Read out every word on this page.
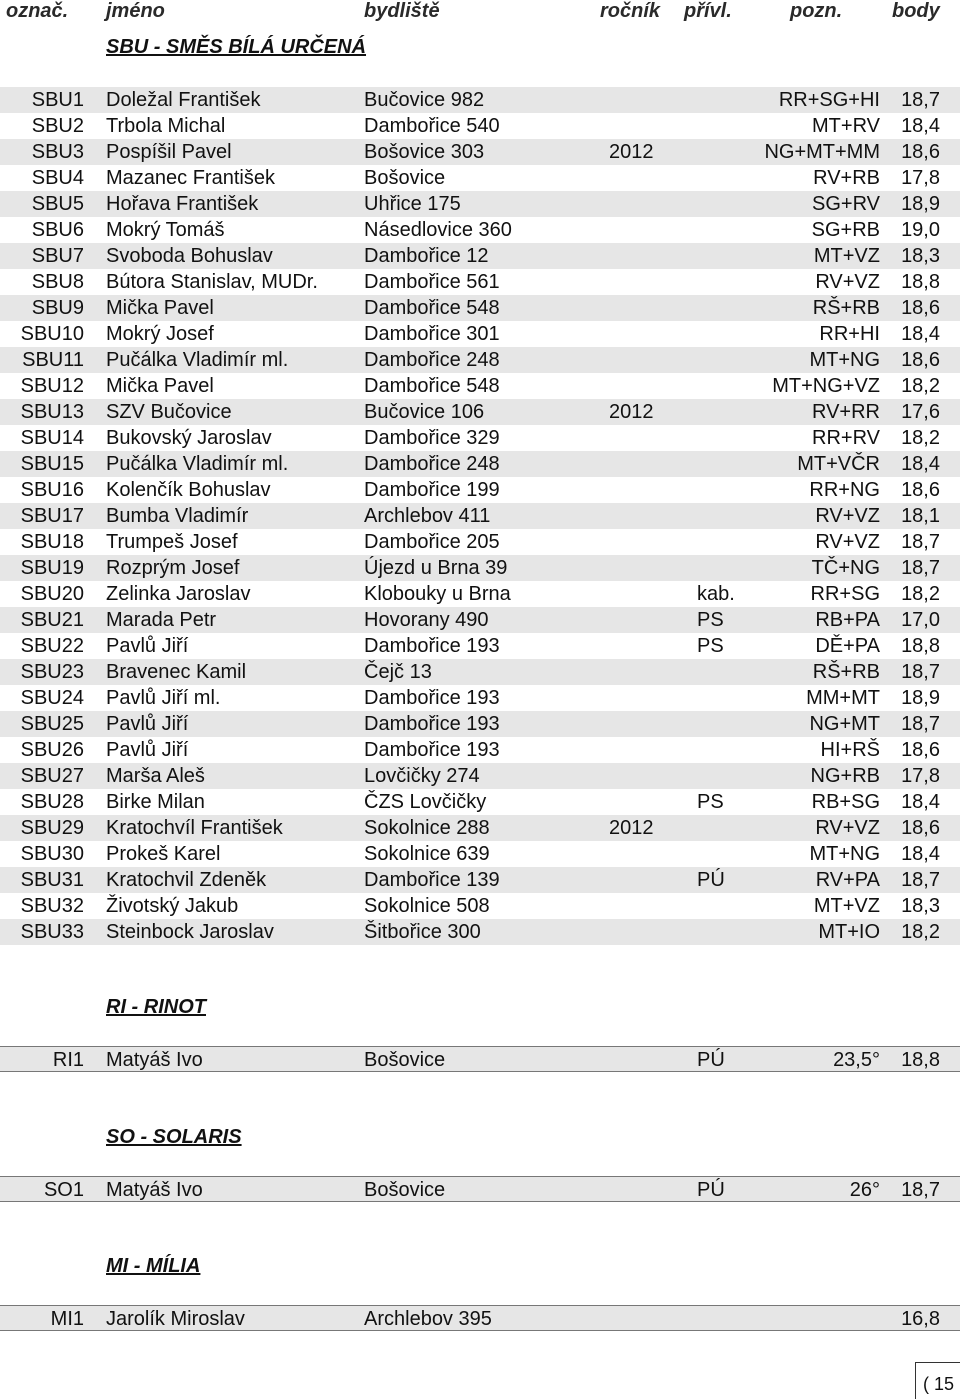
označ. jméno	bydliště	ročník přívl.	pozn. body
SBU - SMĚS BÍLÁ URČENÁ
SBU1 Doležal František	Bučovice 982	RR+SG+HI 18,7
SBU2 Trbola Michal	Dambořice 540	MT+RV 18,4
SBU3 Pospíšil Pavel	Bošovice 303	2012	NG+MT+MM 18,6
SBU4 Mazanec František	Bošovice	RV+RB 17,8
SBU5 Hořava František	Uhřice 175	SG+RV 18,9
SBU6 Mokrý Tomáš	Násedlovice 360	SG+RB 19,0
SBU7 Svoboda Bohuslav	Dambořice 12	MT+VZ 18,3
SBU8 Bútora Stanislav, MUDr. Dambořice 561	RV+VZ 18,8
SBU9 Mička Pavel	Dambořice 548	RŠ+RB 18,6
SBU10 Mokrý Josef	Dambořice 301	RR+HI 18,4
SBU11 Pučálka Vladimír ml.	Dambořice 248	MT+NG 18,6
SBU12 Mička Pavel	Dambořice 548	MT+NG+VZ 18,2
SBU13 SZV Bučovice	Bučovice 106	2012	RV+RR 17,6
SBU14 Bukovský Jaroslav	Dambořice 329	RR+RV 18,2
SBU15 Pučálka Vladimír ml.	Dambořice 248	MT+VČR 18,4
SBU16 Kolenčík Bohuslav	Dambořice 199	RR+NG 18,6
SBU17 Bumba Vladimír	Archlebov 411	RV+VZ 18,1
SBU18 Trumpeš Josef	Dambořice 205	RV+VZ 18,7
SBU19 Rozprým Josef	Újezd u Brna 39	TČ+NG 18,7
SBU20 Zelinka Jaroslav	Klobouky u Brna	kab.	RR+SG 18,2
SBU21 Marada Petr	Hovorany 490	PS	RB+PA 17,0
SBU22 Pavlů Jiří	Dambořice 193	PS	DĚ+PA 18,8
SBU23 Bravenec Kamil	Čejč 13	RŠ+RB 18,7
SBU24 Pavlů Jiří ml.	Dambořice 193	MM+MT 18,9
SBU25 Pavlů Jiří	Dambořice 193	NG+MT 18,7
SBU26 Pavlů Jiří	Dambořice 193	HI+RŠ 18,6
SBU27 Marša Aleš	Lovčičky 274	NG+RB 17,8
SBU28 Birke Milan	ČZS Lovčičky	PS	RB+SG 18,4
SBU29 Kratochvíl František	Sokolnice 288	2012	RV+VZ 18,6
SBU30 Prokeš Karel	Sokolnice 639	MT+NG 18,4
SBU31 Kratochvil Zdeněk	Dambořice 139	PÚ	RV+PA 18,7
SBU32 Životský Jakub	Sokolnice 508	MT+VZ 18,3
SBU33 Steinbock Jaroslav	Šitbořice 300	MT+IO 18,2
RI - RINOT
RI1 Matyáš Ivo	Bošovice	PÚ	23,5° 18,8
SO - SOLARIS
SO1 Matyáš Ivo	Bošovice	PÚ	26° 18,7
MI - MÍLIA
MI1 Jarolík Miroslav	Archlebov 395	16,8
( 15
